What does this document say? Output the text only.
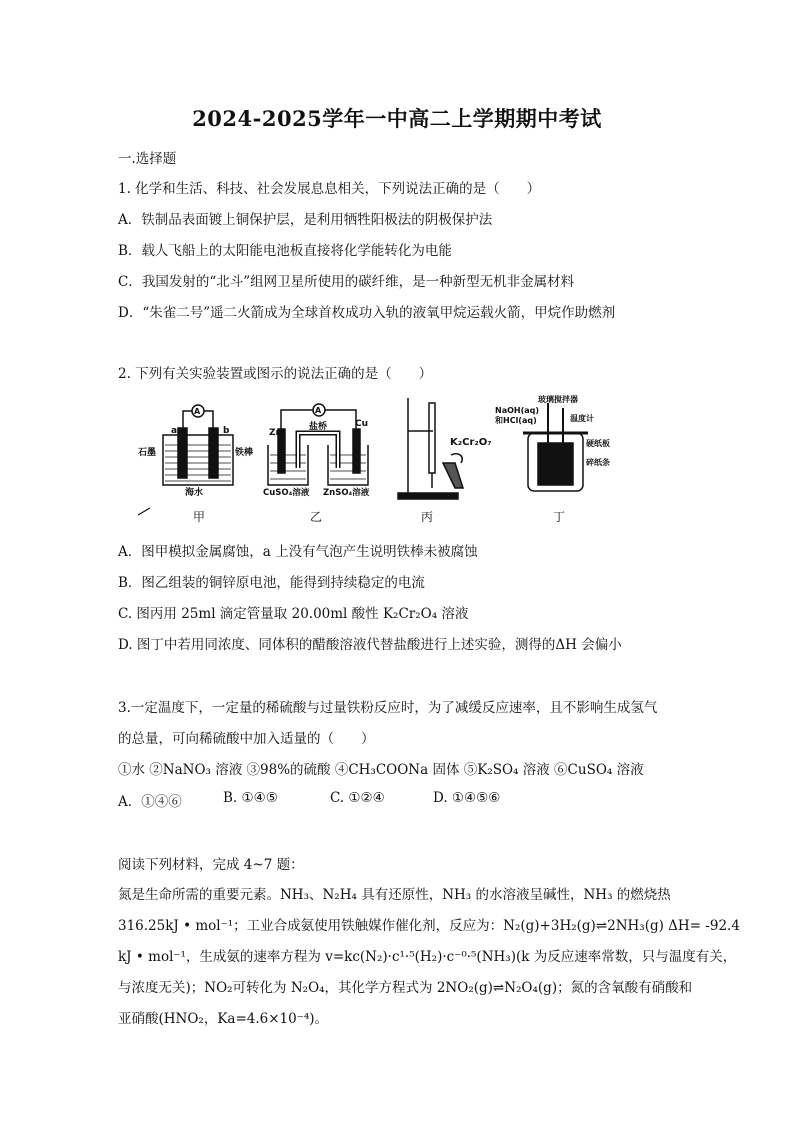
2024-2025学年一中高二上学期期中考试
一.选择题
1. 化学和生活、科技、社会发展息息相关，下列说法正确的是（　　）
A．铁制品表面镀上铜保护层，是利用牺牲阳极法的阴极保护法
B．载人飞船上的太阳能电池板直接将化学能转化为电能
C．我国发射的“北斗”组网卫星所使用的碳纤维，是一种新型无机非金属材料
D．“朱雀二号”遥二火箭成为全球首枚成功入轨的液氧甲烷运载火箭，甲烷作助燃剂
2. 下列有关实验装置或图示的说法正确的是（　　）
A
石墨
a	b
铁棒
海水
A
Zn
盐桥	Cu
CuSO₄溶液 ZnSO₄溶液
K₂Cr₂O₇
玻璃搅拌器
NaOH(aq)
和HCl(aq)	温度计
硬纸板
碎纸条
甲	乙	丙	丁
A．图甲模拟金属腐蚀，a 上没有气泡产生说明铁棒未被腐蚀
B．图乙组装的铜锌原电池，能得到持续稳定的电流
C. 图丙用 25ml 滴定管量取 20.00ml 酸性 K₂Cr₂O₄ 溶液
D. 图丁中若用同浓度、同体积的醋酸溶液代替盐酸进行上述实验，测得的ΔH 会偏小
3.一定温度下，一定量的稀硫酸与过量铁粉反应时，为了减缓反应速率，且不影响生成氢气
的总量，可向稀硫酸中加入适量的（　　）
①水 ②NaNO₃ 溶液 ③98%的硫酸 ④CH₃COONa 固体 ⑤K₂SO₄ 溶液 ⑥CuSO₄ 溶液
A．①④⑥	B. ①④⑤	C. ①②④	D. ①④⑤⑥
阅读下列材料，完成 4~7 题：
氮是生命所需的重要元素。NH₃、N₂H₄ 具有还原性，NH₃ 的水溶液呈碱性，NH₃ 的燃烧热
316.25kJ • mol⁻¹；工业合成氨使用铁触媒作催化剂，反应为：N₂(g)+3H₂(g)⇌2NH₃(g) ΔH= -92.4
kJ • mol⁻¹，生成氨的速率方程为 v=kc(N₂)·c¹·⁵(H₂)·c⁻⁰·⁵(NH₃)(k 为反应速率常数，只与温度有关，
与浓度无关)；NO₂可转化为 N₂O₄，其化学方程式为 2NO₂(g)⇌N₂O₄(g)；氮的含氧酸有硝酸和
亚硝酸(HNO₂，Ka=4.6×10⁻⁴)。
